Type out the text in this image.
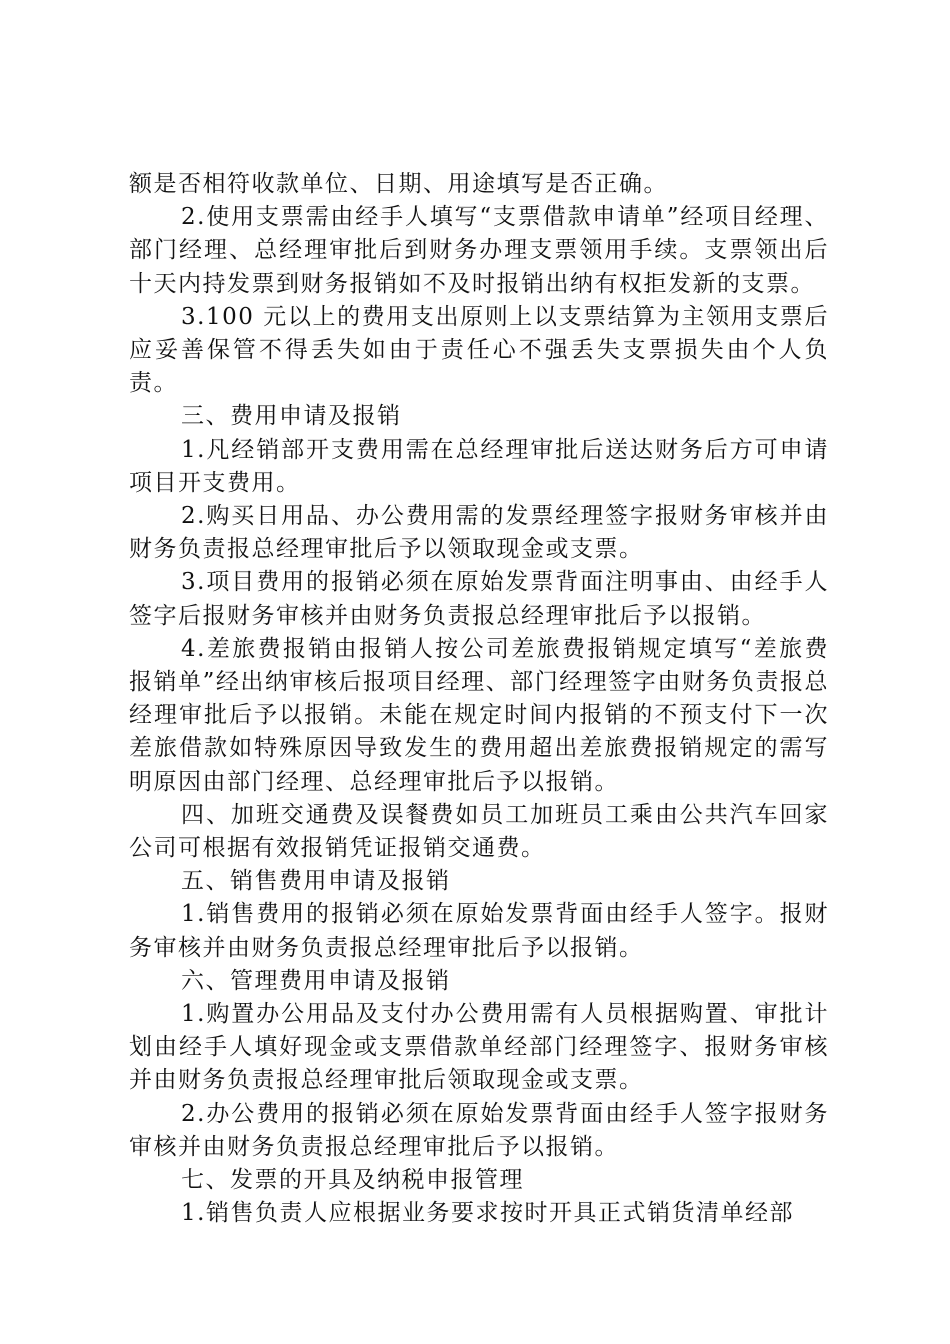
额是否相符收款单位、日期、用途填写是否正确。

2.使用支票需由经手人填写“支票借款申请单”经项目经理、部门经理、总经理审批后到财务办理支票领用手续。支票领出后十天内持发票到财务报销如不及时报销出纳有权拒发新的支票。

3.100 元以上的费用支出原则上以支票结算为主领用支票后应妥善保管不得丢失如由于责任心不强丢失支票损失由个人负责。

三、费用申请及报销

1.凡经销部开支费用需在总经理审批后送达财务后方可申请项目开支费用。

2.购买日用品、办公费用需的发票经理签字报财务审核并由财务负责报总经理审批后予以领取现金或支票。

3.项目费用的报销必须在原始发票背面注明事由、由经手人签字后报财务审核并由财务负责报总经理审批后予以报销。

4.差旅费报销由报销人按公司差旅费报销规定填写“差旅费报销单”经出纳审核后报项目经理、部门经理签字由财务负责报总经理审批后予以报销。未能在规定时间内报销的不预支付下一次差旅借款如特殊原因导致发生的费用超出差旅费报销规定的需写明原因由部门经理、总经理审批后予以报销。

四、加班交通费及误餐费如员工加班员工乘由公共汽车回家公司可根据有效报销凭证报销交通费。

五、销售费用申请及报销

1.销售费用的报销必须在原始发票背面由经手人签字。报财务审核并由财务负责报总经理审批后予以报销。

六、管理费用申请及报销

1.购置办公用品及支付办公费用需有人员根据购置、审批计划由经手人填好现金或支票借款单经部门经理签字、报财务审核并由财务负责报总经理审批后领取现金或支票。

2.办公费用的报销必须在原始发票背面由经手人签字报财务审核并由财务负责报总经理审批后予以报销。

七、发票的开具及纳税申报管理

1.销售负责人应根据业务要求按时开具正式销货清单经部
